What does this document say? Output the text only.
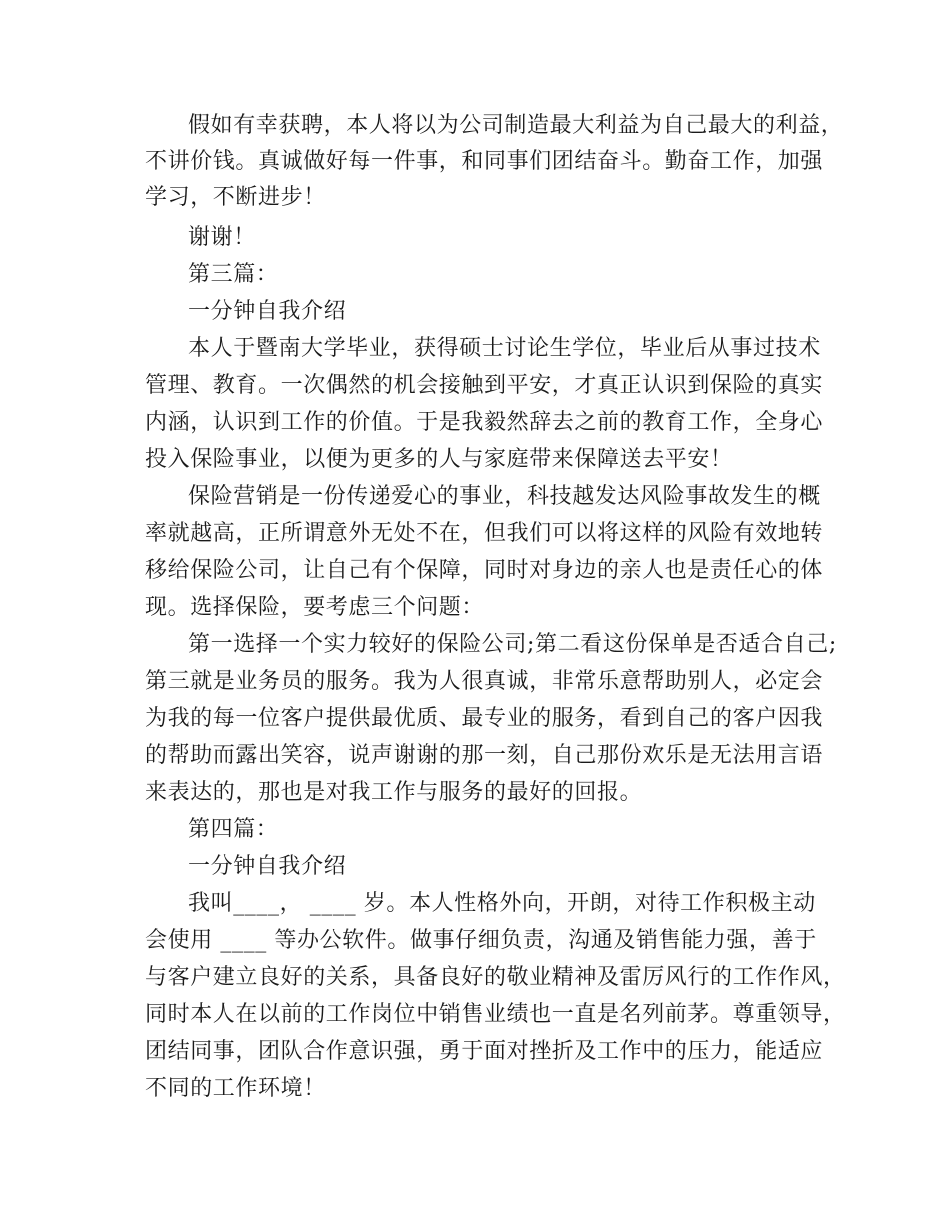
假如有幸获聘，本人将以为公司制造最大利益为自己最大的利益，
不讲价钱。真诚做好每一件事，和同事们团结奋斗。勤奋工作，加强
学习，不断进步！
谢谢！
第三篇：
一分钟自我介绍
本人于暨南大学毕业，获得硕士讨论生学位，毕业后从事过技术
管理、教育。一次偶然的机会接触到平安，才真正认识到保险的真实
内涵，认识到工作的价值。于是我毅然辞去之前的教育工作，全身心
投入保险事业，以便为更多的人与家庭带来保障送去平安！
保险营销是一份传递爱心的事业，科技越发达风险事故发生的概
率就越高，正所谓意外无处不在，但我们可以将这样的风险有效地转
移给保险公司，让自己有个保障，同时对身边的亲人也是责任心的体
现。选择保险，要考虑三个问题：
第一选择一个实力较好的保险公司;第二看这份保单是否适合自己;
第三就是业务员的服务。我为人很真诚，非常乐意帮助别人，必定会
为我的每一位客户提供最优质、最专业的服务，看到自己的客户因我
的帮助而露出笑容，说声谢谢的那一刻，自己那份欢乐是无法用言语
来表达的，那也是对我工作与服务的最好的回报。
第四篇：
一分钟自我介绍
我叫____， ____ 岁。本人性格外向，开朗，对待工作积极主动
会使用 ____ 等办公软件。做事仔细负责，沟通及销售能力强，善于
与客户建立良好的关系，具备良好的敬业精神及雷厉风行的工作作风，
同时本人在以前的工作岗位中销售业绩也一直是名列前茅。尊重领导，
团结同事，团队合作意识强，勇于面对挫折及工作中的压力，能适应
不同的工作环境！
